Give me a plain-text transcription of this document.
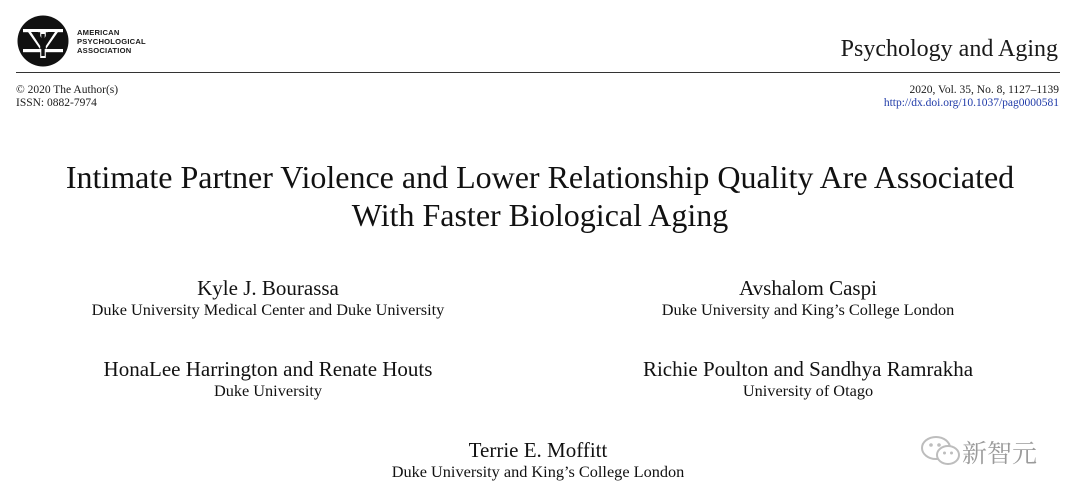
AMERICAN
PSYCHOLOGICAL
ASSOCIATION	Psychology and Aging
© 2020 The Author(s)
ISSN: 0882-7974
2020, Vol. 35, No. 8, 1127–1139
http://dx.doi.org/10.1037/pag0000581
Intimate Partner Violence and Lower Relationship Quality Are Associated
With Faster Biological Aging
Kyle J. Bourassa
Duke University Medical Center and Duke University
Avshalom Caspi
Duke University and King’s College London
HonaLee Harrington and Renate Houts
Duke University
Richie Poulton and Sandhya Ramrakha
University of Otago
Terrie E. Moffitt
Duke University and King’s College London
新智元
